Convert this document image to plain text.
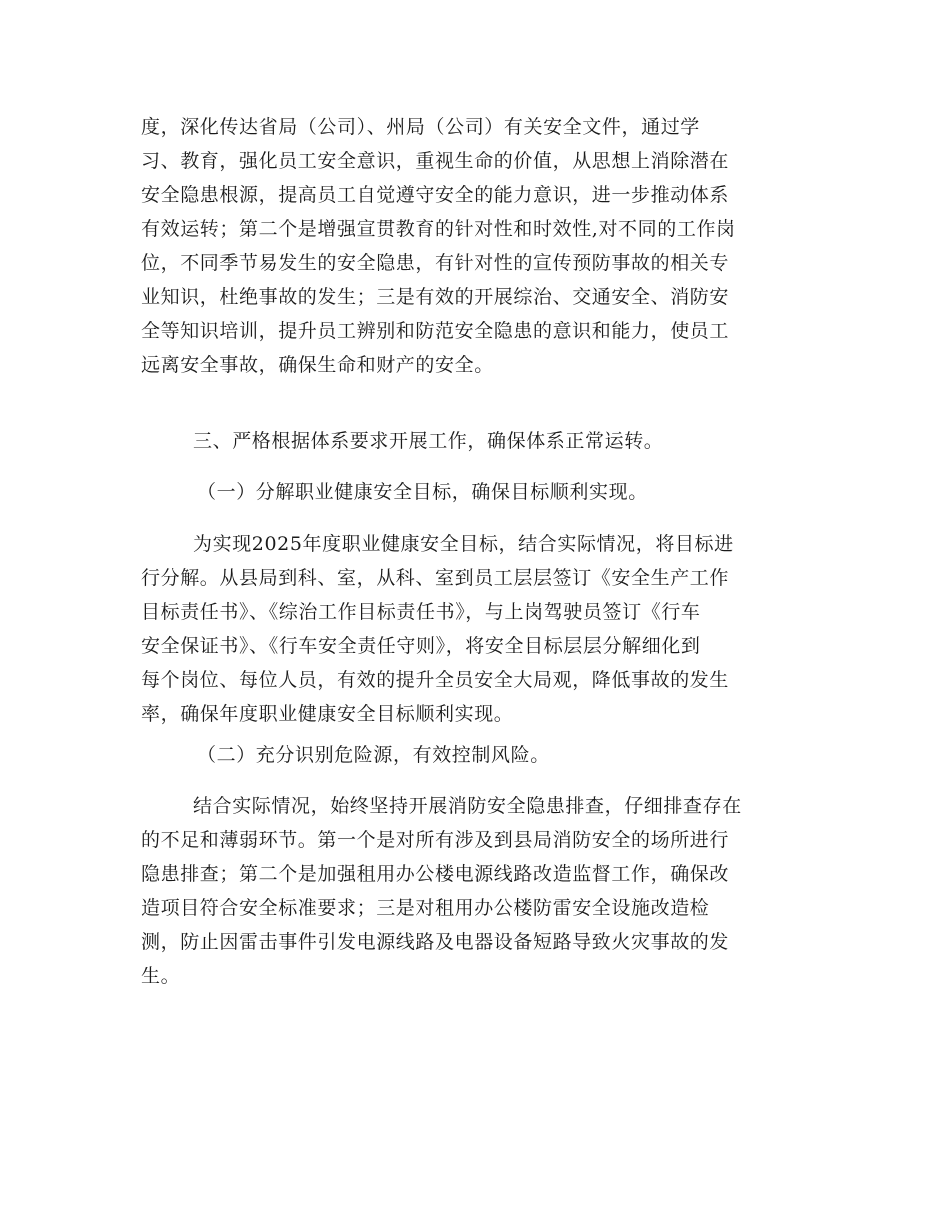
度，深化传达省局（公司）、州局（公司）有关安全文件，通过学
习、教育，强化员工安全意识，重视生命的价值，从思想上消除潜在
安全隐患根源，提高员工自觉遵守安全的能力意识，进一步推动体系
有效运转；第二个是增强宣贯教育的针对性和时效性,对不同的工作岗
位，不同季节易发生的安全隐患，有针对性的宣传预防事故的相关专
业知识，杜绝事故的发生；三是有效的开展综治、交通安全、消防安
全等知识培训，提升员工辨别和防范安全隐患的意识和能力，使员工
远离安全事故，确保生命和财产的安全。
三、严格根据体系要求开展工作，确保体系正常运转。
（一）分解职业健康安全目标，确保目标顺利实现。
为实现2025年度职业健康安全目标，结合实际情况，将目标进
行分解。从县局到科、室，从科、室到员工层层签订《安全生产工作
目标责任书》、《综治工作目标责任书》，与上岗驾驶员签订《行车
安全保证书》、《行车安全责任守则》，将安全目标层层分解细化到
每个岗位、每位人员，有效的提升全员安全大局观，降低事故的发生
率，确保年度职业健康安全目标顺利实现。
（二）充分识别危险源，有效控制风险。
结合实际情况，始终坚持开展消防安全隐患排查，仔细排查存在
的不足和薄弱环节。第一个是对所有涉及到县局消防安全的场所进行
隐患排查；第二个是加强租用办公楼电源线路改造监督工作，确保改
造项目符合安全标准要求；三是对租用办公楼防雷安全设施改造检
测，防止因雷击事件引发电源线路及电器设备短路导致火灾事故的发
生。
